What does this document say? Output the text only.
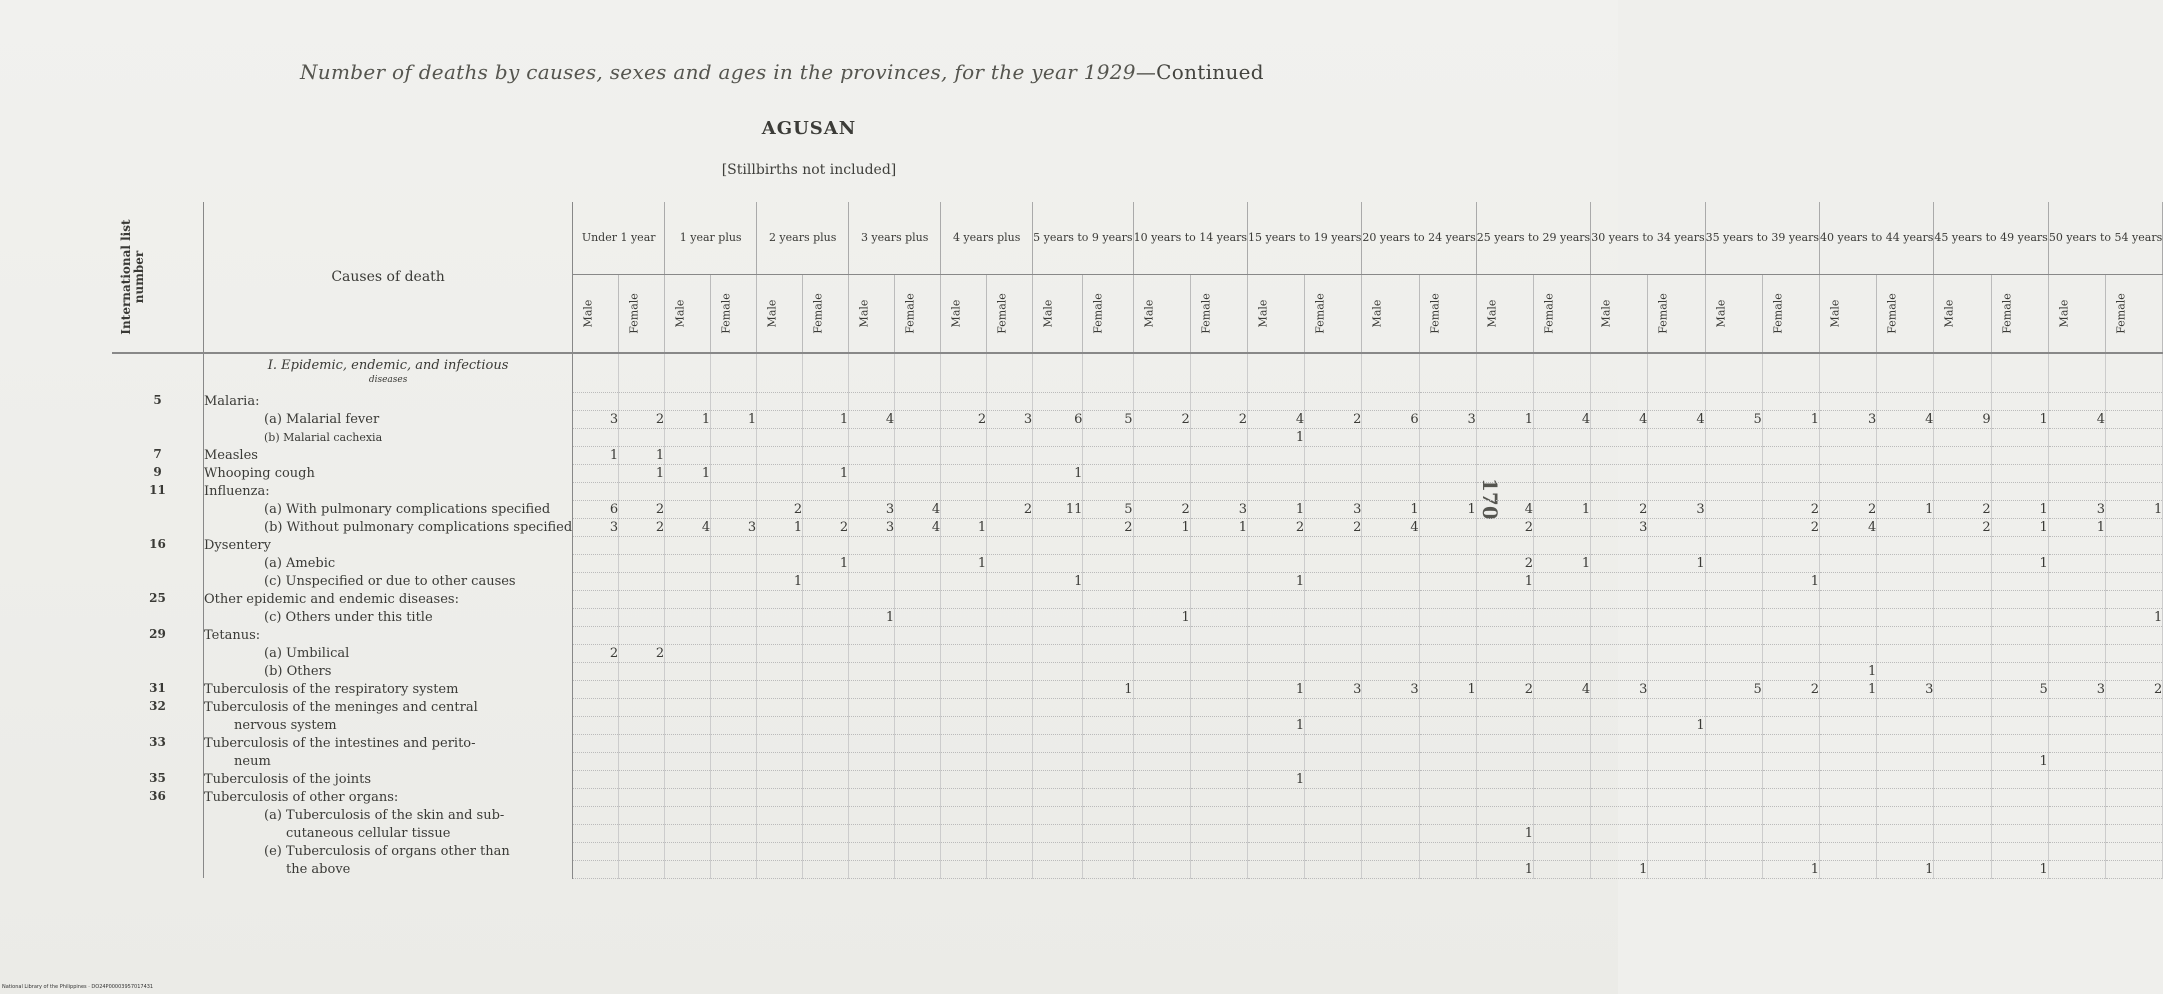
Number of deaths by causes, sexes and ages in the provinces, for the year 1929—Continued
AGUSAN
[Stillbirths not included]
170
International list number	Causes of death	Under 1 year		1 year plus		2 years plus		3 years plus		4 years plus		5 years to 9 years		10 years to 14 years		15 years to 19 years		20 years to 24 years		25 years to 29 years		30 years to 34 years		35 years to 39 years		40 years to 44 years		45 years to 49 years		50 years to 54 years	

		Male	Female	Male	Female	Male	Female	Male	Female	Male	Female	Male	Female	Male	Female	Male	Female	Male	Female	Male	Female	Male	Female	Male	Female	Male	Female	Male	Female	Male	Female

	I. Epidemic, endemic, and infectious
diseases																														

5	Malaria:																														
	(a) Malarial fever	3	2	1	1		1	4		2	3	6	5	2	2	4	2	6	3	1	4	4	4	5	1	3	4	9	1	4	
	(b) Malarial cachexia															1															
7	Measles	1	1																												
9	Whooping cough		1	1			1					1																			
11	Influenza:																														
	(a) With pulmonary complications specified	6	2			2		3	4		2	11	5	2	3	1	3	1	1	4	1	2	3		2	2	1	2	1	3	1
	(b) Without pulmonary complications specified	3	2	4	3	1	2	3	4	1			2	1	1	2	2	4		2		3			2	4		2	1	1	
16	Dysentery																														
	(a) Amebic						1			1										2	1		1						1		
	(c) Unspecified or due to other causes					1						1				1				1					1						
25	Other epidemic and endemic diseases:																														
	(c) Others under this title							1						1																	1
29	Tetanus:																														
	(a) Umbilical	2	2																												
	(b) Others																									1					
31	Tuberculosis of the respiratory system												1			1	3	3	1	2	4	3		5	2	1	3		5	3	2
32	Tuberculosis of the meninges and central																														
	nervous system															1							1								
33	Tuberculosis of the intestines and perito-																														
	neum																												1		
35	Tuberculosis of the joints															1															
36	Tuberculosis of other organs:																														
	(a) Tuberculosis of the skin and sub-																														
	cutaneous cellular tissue																			1											
	(e) Tuberculosis of organs other than																														
	the above																			1		1			1		1		1		
National Library of the Philippines · DO24P00003957017431
